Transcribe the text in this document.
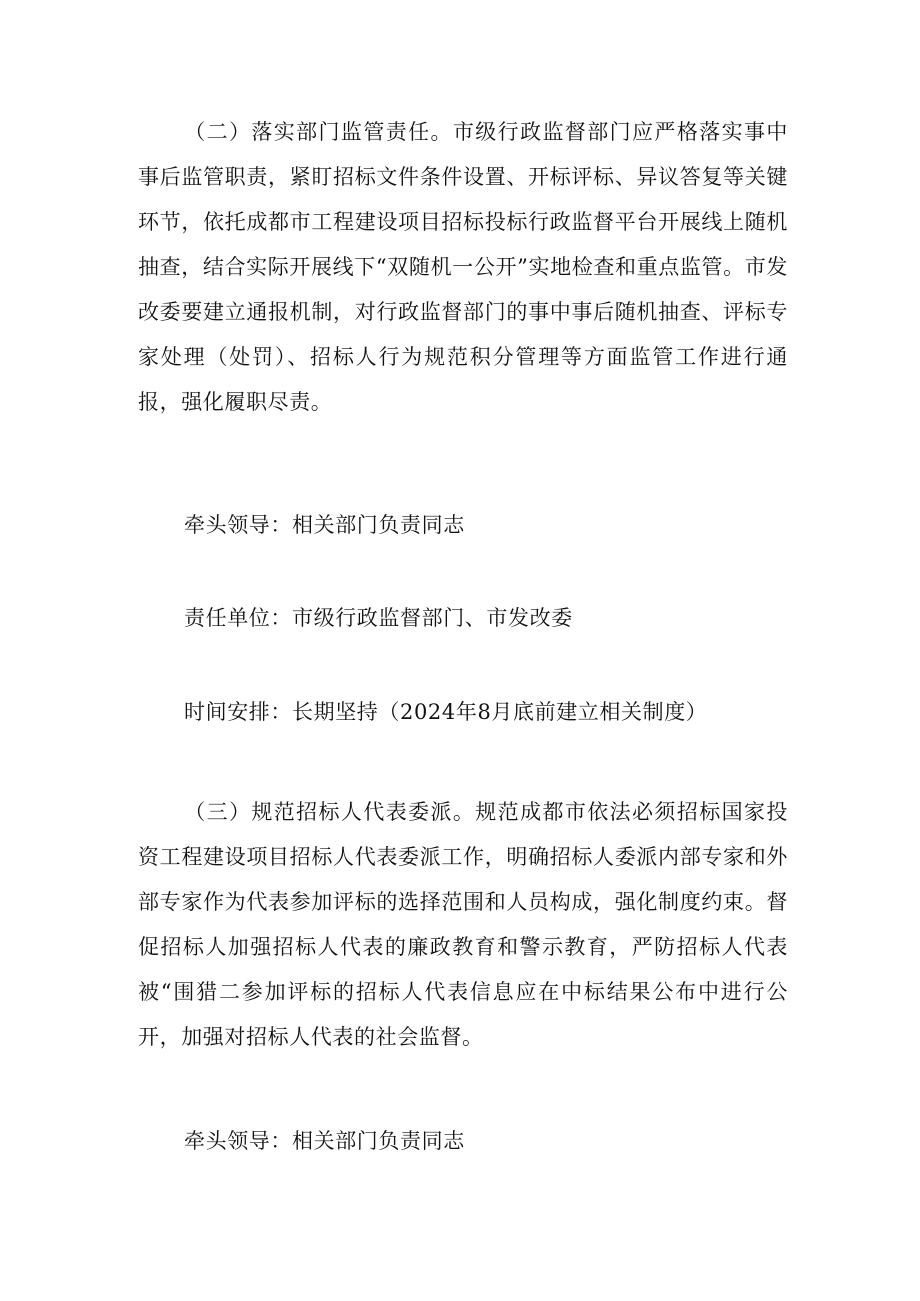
（二）落实部门监管责任。市级行政监督部门应严格落实事中事后监管职责，紧盯招标文件条件设置、开标评标、异议答复等关键环节，依托成都市工程建设项目招标投标行政监督平台开展线上随机抽查，结合实际开展线下“双随机一公开”实地检查和重点监管。市发改委要建立通报机制，对行政监督部门的事中事后随机抽查、评标专家处理（处罚）、招标人行为规范积分管理等方面监管工作进行通报，强化履职尽责。

牵头领导：相关部门负责同志

责任单位：市级行政监督部门、市发改委

时间安排：长期坚持（2024年8月底前建立相关制度）

（三）规范招标人代表委派。规范成都市依法必须招标国家投资工程建设项目招标人代表委派工作，明确招标人委派内部专家和外部专家作为代表参加评标的选择范围和人员构成，强化制度约束。督促招标人加强招标人代表的廉政教育和警示教育，严防招标人代表被“围猎二参加评标的招标人代表信息应在中标结果公布中进行公开，加强对招标人代表的社会监督。

牵头领导：相关部门负责同志
